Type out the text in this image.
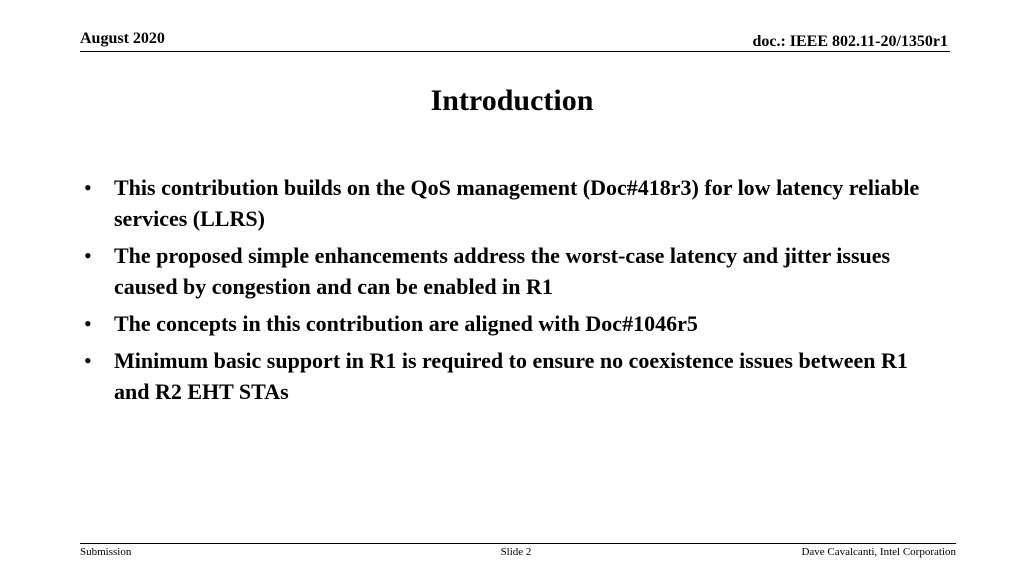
August 2020	doc.: IEEE 802.11-20/1350r1
Introduction
• This contribution builds on the QoS management (Doc#418r3) for low latency reliable services (LLRS)
• The proposed simple enhancements address the worst-case latency and jitter issues caused by congestion and can be enabled in R1
• The concepts in this contribution are aligned with Doc#1046r5
• Minimum basic support in R1 is required to ensure no coexistence issues between R1 and R2 EHT STAs
Submission	Slide 2	Dave Cavalcanti, Intel Corporation
